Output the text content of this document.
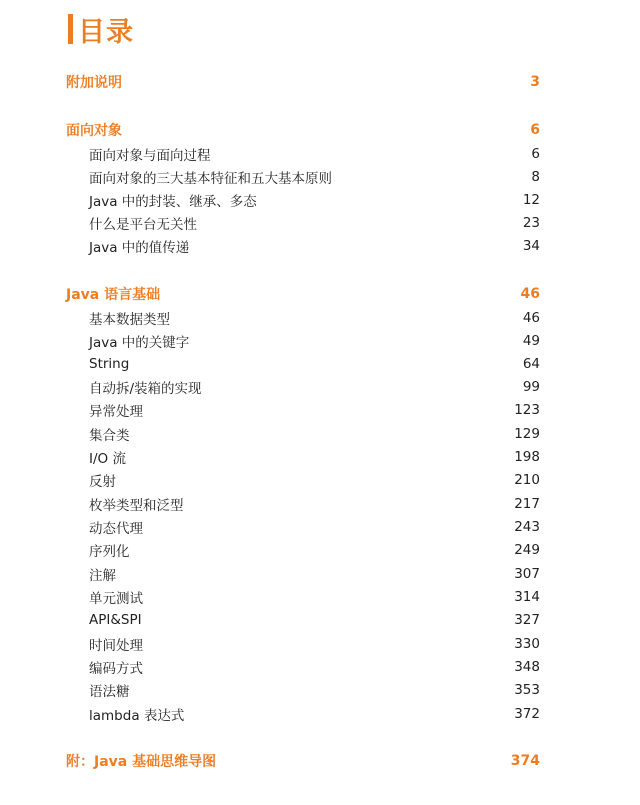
目录
附加说明	3
面向对象	6
面向对象与面向过程	6
面向对象的三大基本特征和五大基本原则	8
Java 中的封装、继承、多态	12
什么是平台无关性	23
Java 中的值传递	34
Java 语言基础	46
基本数据类型	46
Java 中的关键字	49
String	64
自动拆/装箱的实现	99
异常处理	123
集合类	129
I/O 流	198
反射	210
枚举类型和泛型	217
动态代理	243
序列化	249
注解	307
单元测试	314
API&SPI	327
时间处理	330
编码方式	348
语法糖	353
lambda 表达式	372
附：Java 基础思维导图	374
